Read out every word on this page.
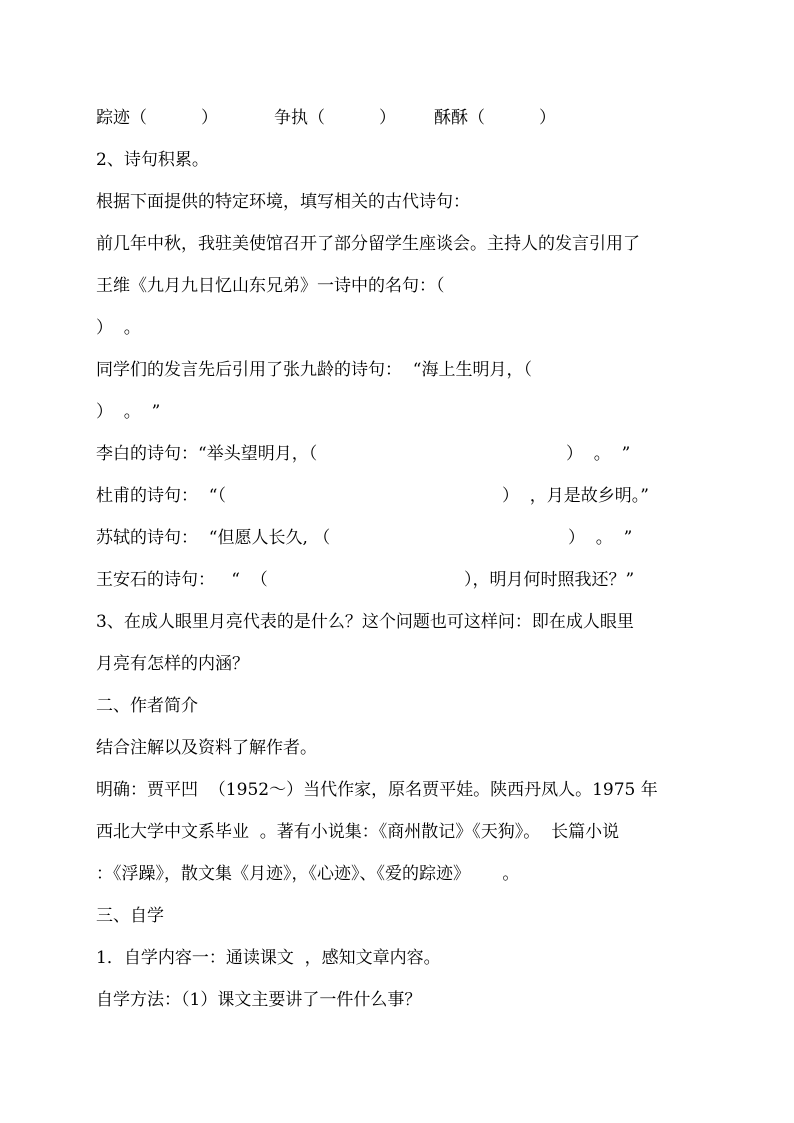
踪迹（          ）

	争执（          ）

酥酥（          ）

2、诗句积累。
根据下面提供的特定环境，填写相关的古代诗句：
前几年中秋，我驻美使馆召开了部分留学生座谈会。主持人的发言引用了
王维《九月九日忆山东兄弟》一诗中的名句：（
）  。
同学们的发言先后引用了张九龄的诗句：  “海上生明月，（
）  。  ”

李白的诗句：“举头望明月，（

	）  。  ”

杜甫的诗句：  “（

	）  ，月是故乡明。”

苏轼的诗句：  “但愿人长久, （

	）  。  ”

王安石的诗句：   “  （

	），明月何时照我还？”

3、在成人眼里月亮代表的是什么？这个问题也可这样问：即在成人眼里
月亮有怎样的内涵？
二、作者简介
结合注解以及资料了解作者。
明确：贾平凹  （1952～）当代作家，原名贾平娃。陕西丹凤人。1975 年
西北大学中文系毕业  。著有小说集：《商州散记》《天狗》。  长篇小说
：《浮躁》，散文集《月迹》，《心迹》、《爱的踪迹》      。
三、自学
1．自学内容一：通读课文  ，感知文章内容。
自学方法：（1）课文主要讲了一件什么事？
